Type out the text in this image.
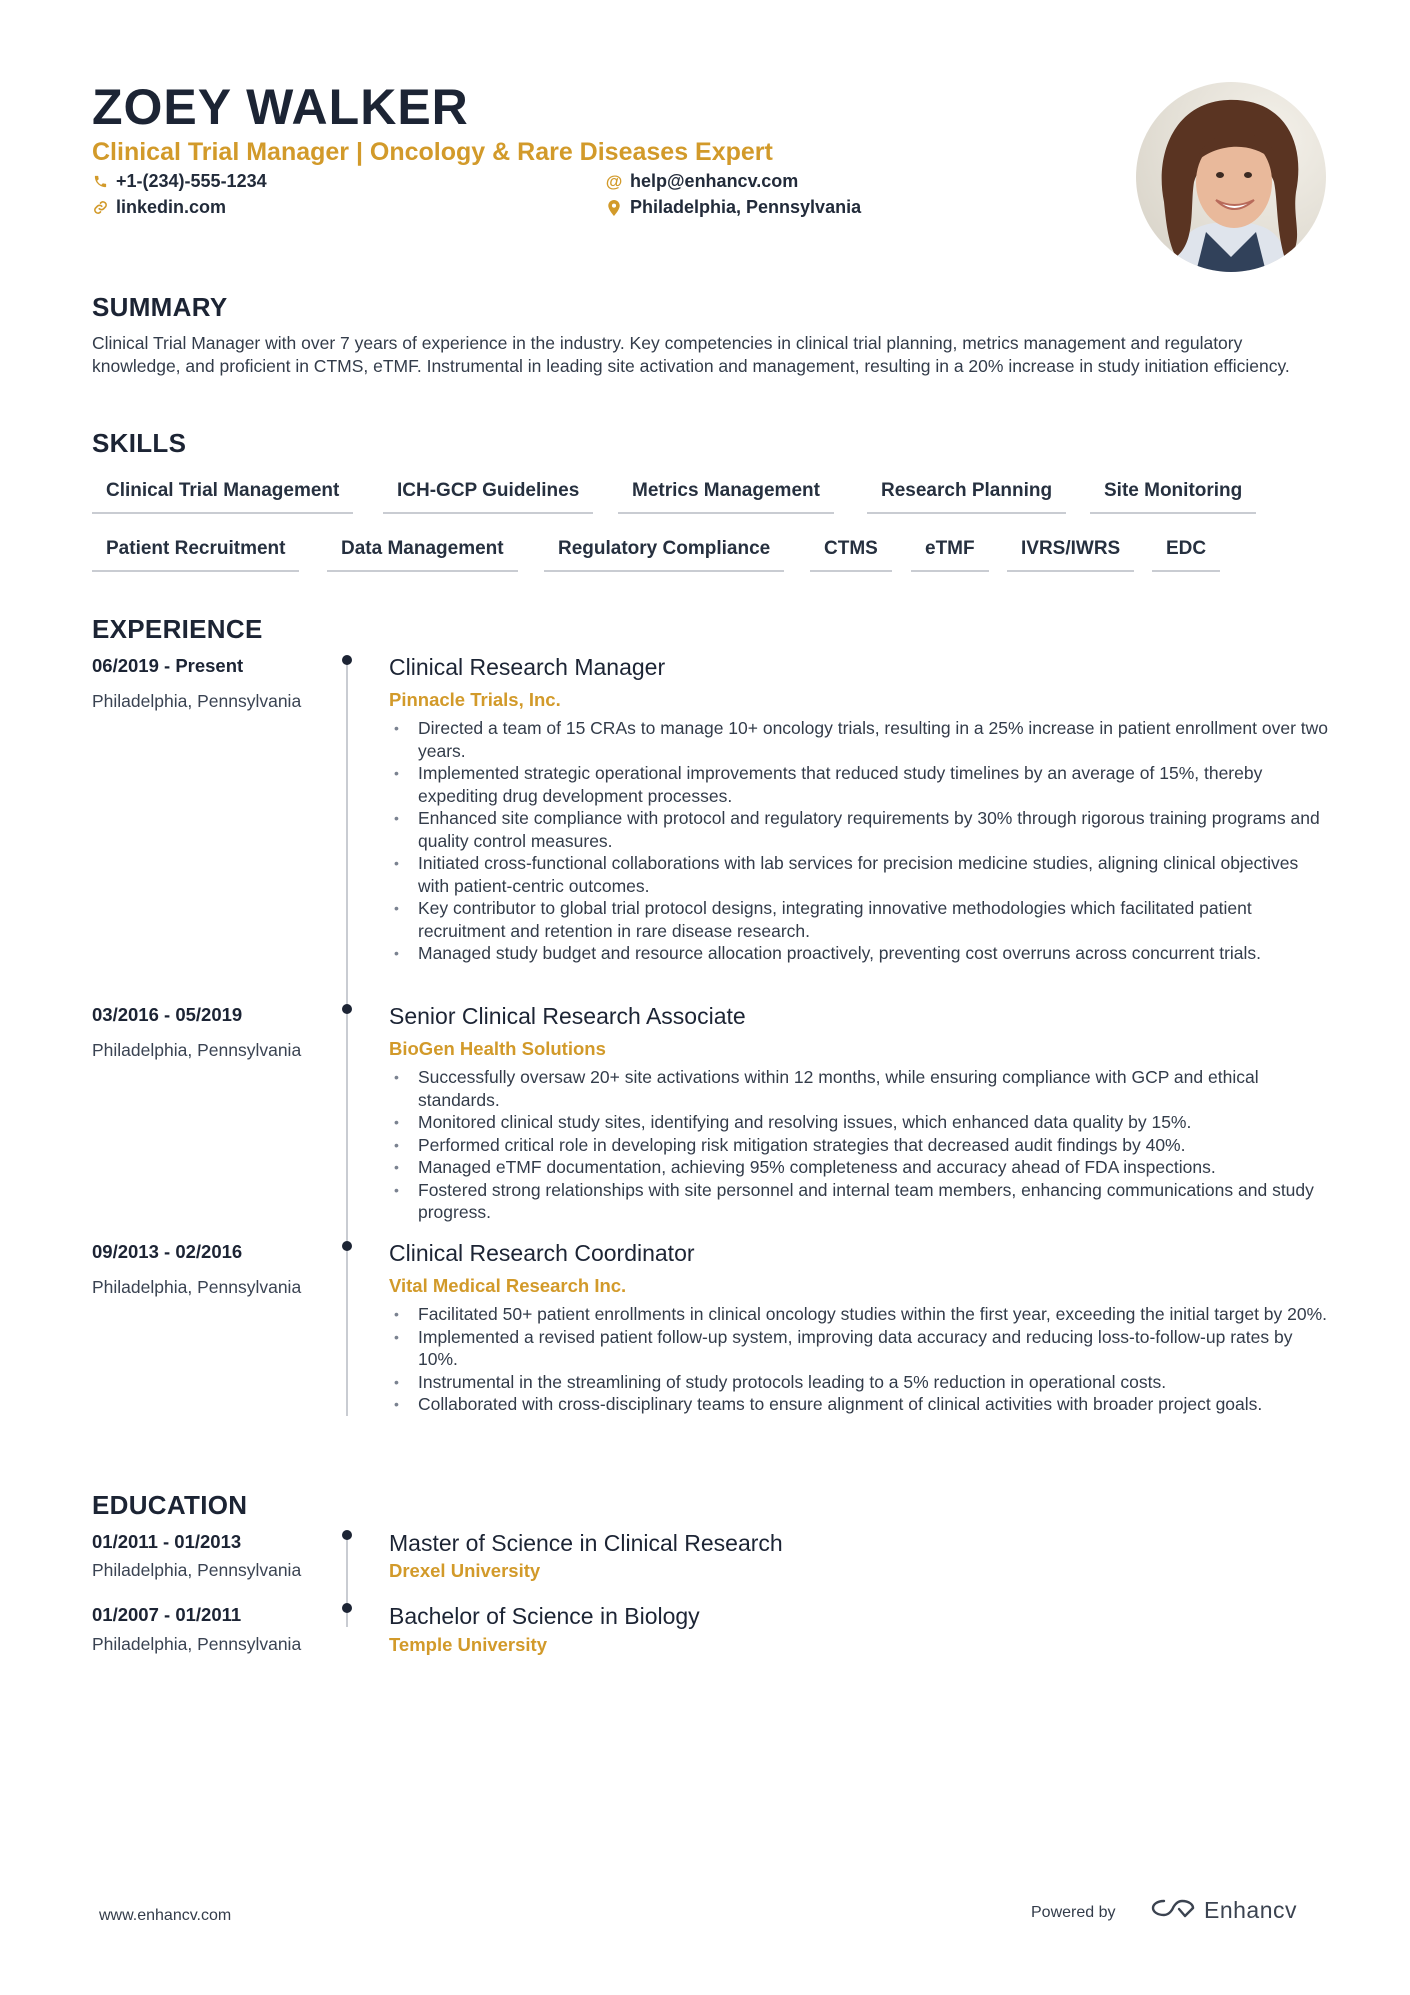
ZOEY WALKER
Clinical Trial Manager | Oncology & Rare Diseases Expert
+1-(234)-555-1234	@ help@enhancv.com
linkedin.com	Philadelphia, Pennsylvania
SUMMARY
Clinical Trial Manager with over 7 years of experience in the industry. Key competencies in clinical trial planning, metrics management and regulatory knowledge, and proficient in CTMS, eTMF. Instrumental in leading site activation and management, resulting in a 20% increase in study initiation efficiency.
SKILLS
Clinical Trial Management	ICH-GCP Guidelines	Metrics Management	Research Planning	Site Monitoring
Patient Recruitment	Data Management	Regulatory Compliance	CTMS	eTMF	IVRS/IWRS	EDC
EXPERIENCE
06/2019 - Present
Philadelphia, Pennsylvania
Clinical Research Manager
Pinnacle Trials, Inc.
• Directed a team of 15 CRAs to manage 10+ oncology trials, resulting in a 25% increase in patient enrollment over two years.
• Implemented strategic operational improvements that reduced study timelines by an average of 15%, thereby expediting drug development processes.
• Enhanced site compliance with protocol and regulatory requirements by 30% through rigorous training programs and quality control measures.
• Initiated cross-functional collaborations with lab services for precision medicine studies, aligning clinical objectives with patient-centric outcomes.
• Key contributor to global trial protocol designs, integrating innovative methodologies which facilitated patient recruitment and retention in rare disease research.
• Managed study budget and resource allocation proactively, preventing cost overruns across concurrent trials.
03/2016 - 05/2019
Philadelphia, Pennsylvania
Senior Clinical Research Associate
BioGen Health Solutions
• Successfully oversaw 20+ site activations within 12 months, while ensuring compliance with GCP and ethical standards.
• Monitored clinical study sites, identifying and resolving issues, which enhanced data quality by 15%.
• Performed critical role in developing risk mitigation strategies that decreased audit findings by 40%.
• Managed eTMF documentation, achieving 95% completeness and accuracy ahead of FDA inspections.
• Fostered strong relationships with site personnel and internal team members, enhancing communications and study progress.
09/2013 - 02/2016
Philadelphia, Pennsylvania
Clinical Research Coordinator
Vital Medical Research Inc.
• Facilitated 50+ patient enrollments in clinical oncology studies within the first year, exceeding the initial target by 20%.
• Implemented a revised patient follow-up system, improving data accuracy and reducing loss-to-follow-up rates by 10%.
• Instrumental in the streamlining of study protocols leading to a 5% reduction in operational costs.
• Collaborated with cross-disciplinary teams to ensure alignment of clinical activities with broader project goals.
EDUCATION
01/2011 - 01/2013
Philadelphia, Pennsylvania
Master of Science in Clinical Research
Drexel University
01/2007 - 01/2011
Philadelphia, Pennsylvania
Bachelor of Science in Biology
Temple University
www.enhancv.com	Powered by	Enhancv
